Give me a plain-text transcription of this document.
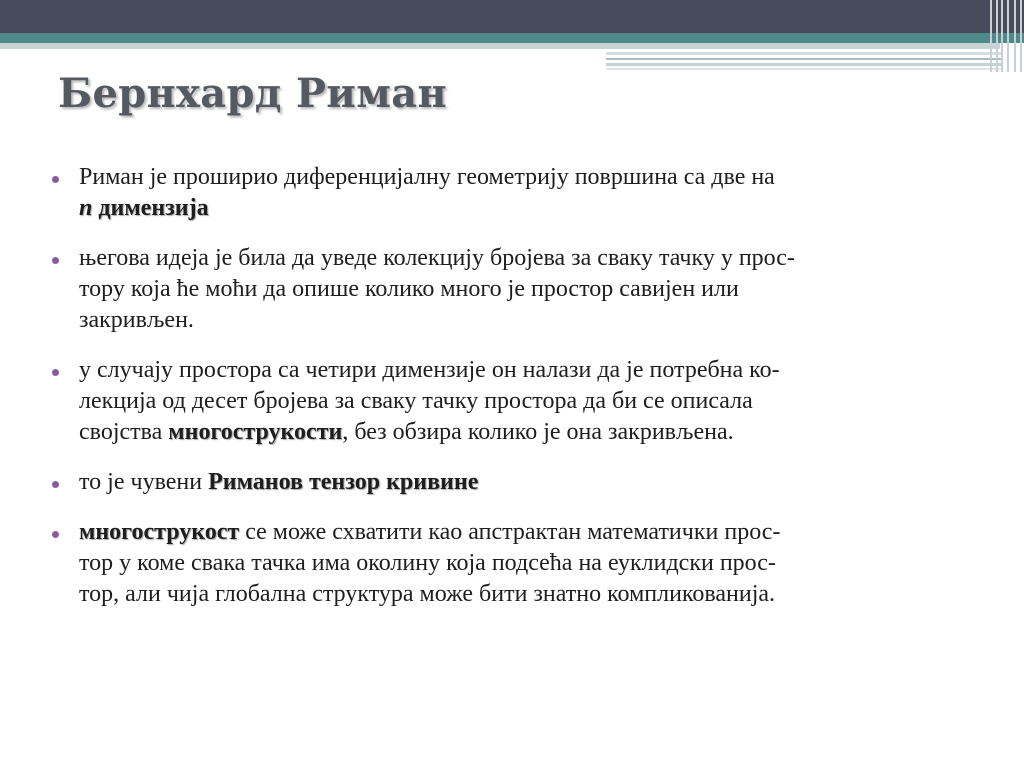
Бернхард Риман
Риман је проширио диференцијалну геометрију површина са две на
n димензија
његова идеја је била да уведе колекцију бројева за сваку тачку у прос-
тору која ће моћи да опише колико много је простор савијен или
закривљен.
у случају простора са четири димензије он налази да је потребна ко-
лекција од десет бројева за сваку тачку простора да би се описала
својства многострукости, без обзира колико је она закривљена.
то је чувени Риманов тензор кривине
многострукост се може схватити као апстрактан математички прос-
тор у коме свака тачка има околину која подсећа на еуклидски прос-
тор, али чија глобална структура може бити знатно компликованија.
